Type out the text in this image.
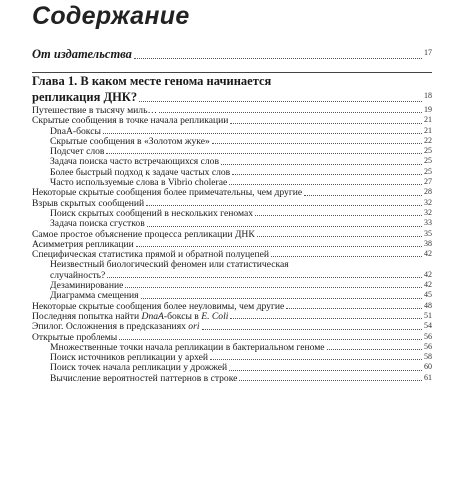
Содержание
От издательства	17
Глава 1. В каком месте генома начинается
репликация ДНК?	18
Путешествие в тысячу миль…	19
Скрытые сообщения в точке начала репликации	21
DnaA-боксы	21
Скрытые сообщения в «Золотом жуке»	22
Подсчет слов	25
Задача поиска часто встречающихся слов	25
Более быстрый подход к задаче частых слов	25
Часто используемые слова в Vibrio cholerae	27
Некоторые скрытые сообщения более примечательны, чем другие	28
Взрыв скрытых сообщений	32
Поиск скрытых сообщений в нескольких геномах	32
Задача поиска сгустков	33
Самое простое объяснение процесса репликации ДНК	35
Асимметрия репликации	38
Специфическая статистика прямой и обратной полуцепей	42
Неизвестный биологический феномен или статистическая
случайность?	42
Дезаминирование	42
Диаграмма смещения	45
Некоторые скрытые сообщения более неуловимы, чем другие	48
Последняя попытка найти DnaA-боксы в E. Coli	51
Эпилог. Осложнения в предсказаниях ori	54
Открытые проблемы	56
Множественные точки начала репликации в бактериальном геноме	56
Поиск источников репликации у архей	58
Поиск точек начала репликации у дрожжей	60
Вычисление вероятностей паттернов в строке	61
